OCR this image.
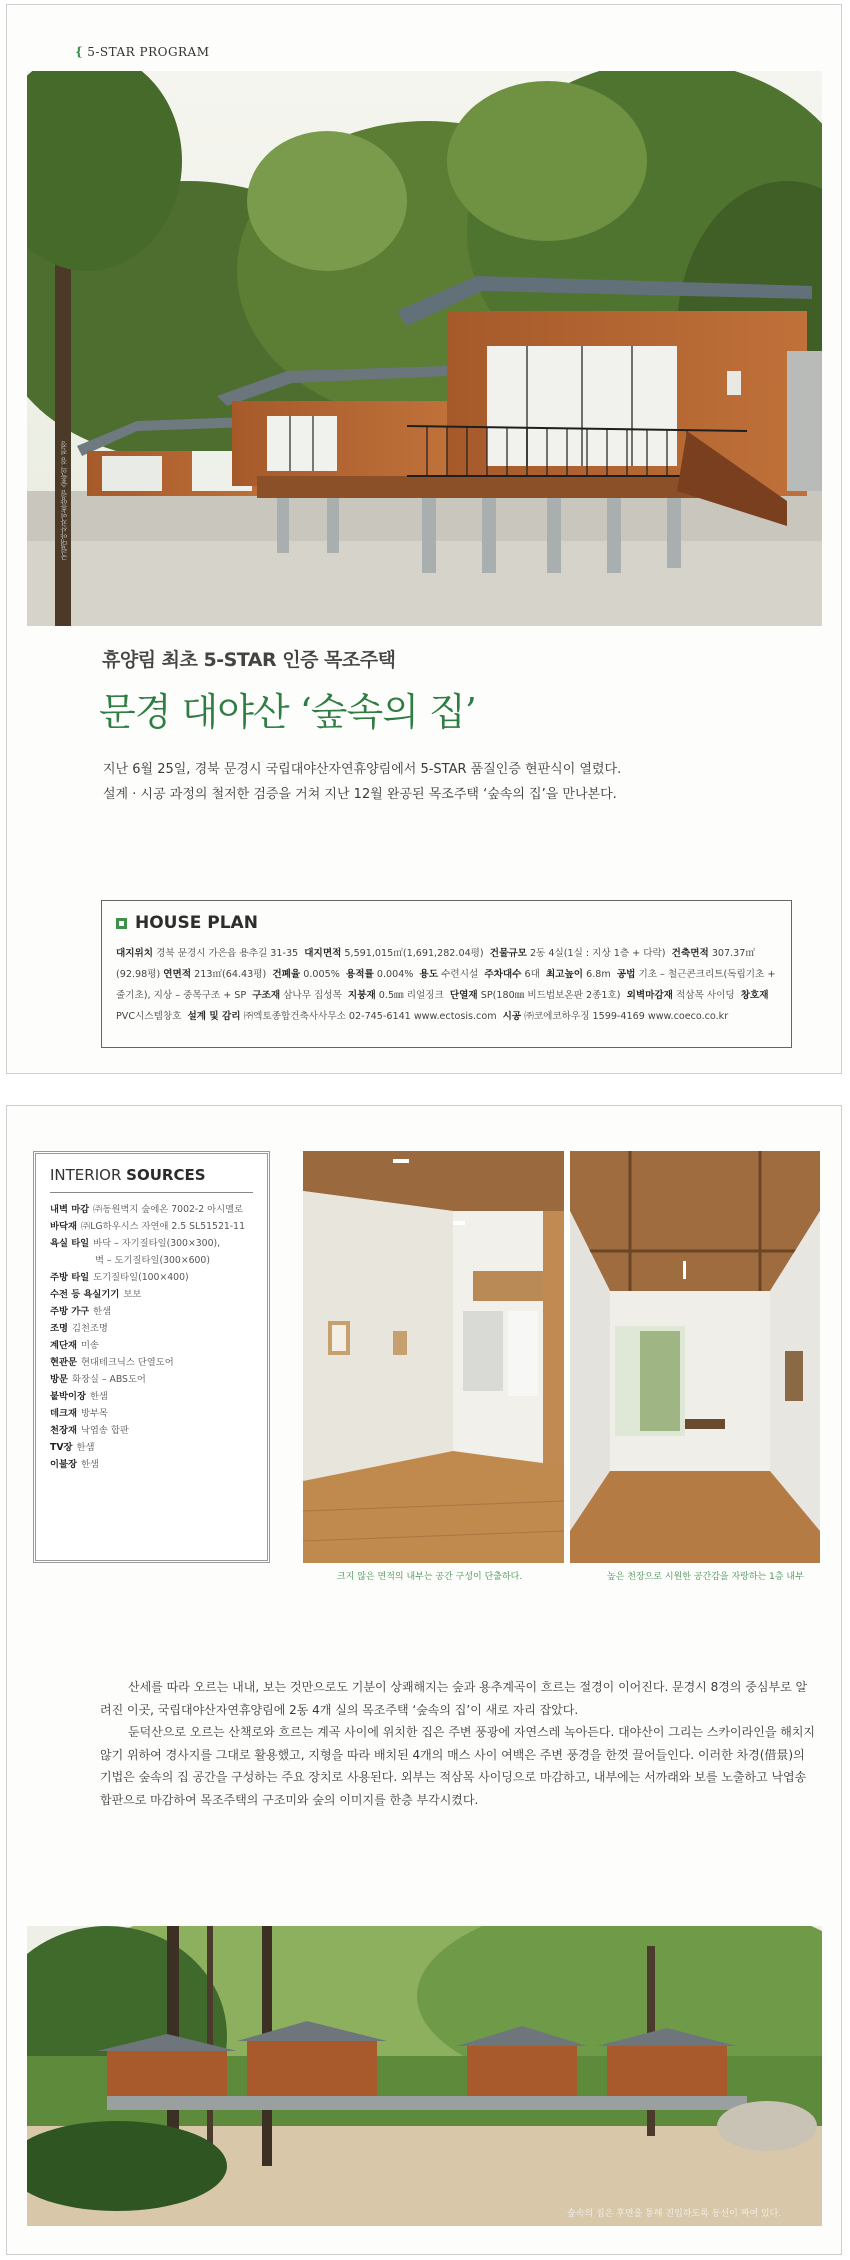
{ 5-STAR PROGRAM
국립대야산자연휴양림 숲속의 집 전경
휴양림 최초 5-STAR 인증 목조주택
문경 대야산 ‘숲속의 집’

지난 6월 25일, 경북 문경시 국립대야산자연휴양림에서 5-STAR 품질인증 현판식이 열렸다.

설계 · 시공 과정의 철저한 검증을 거쳐 지난 12월 완공된 목조주택 ‘숲속의 집’을 만나본다.

HOUSE PLAN
대지위치 경북 문경시 가은읍 용추길 31-35 대지면적 5,591,015㎡(1,691,282.04평) 건물규모 2동 4실(1실 : 지상 1층 + 다락) 건축면적 307.37㎡(92.98평) 연면적 213㎡(64.43평) 건폐율 0.005% 용적률 0.004% 용도 수련시설 주차대수 6대 최고높이 6.8m 공법 기초 – 철근콘크리트(독립기초 + 줄기초), 지상 – 중목구조 + SP 구조재 삼나무 집성목 지붕재 0.5㎜ 리얼징크 단열재 SP(180㎜ 비드법보온판 2종1호) 외벽마감재 적삼목 사이딩 창호재 PVC시스템창호 설계 및 감리 ㈜엑토종합건축사사무소 02-745-6141 www.ectosis.com 시공 ㈜코에코하우징 1599-4169 www.coeco.co.kr
INTERIOR SOURCES
내벽 마감 ㈜동원벽지 숲에온 7002-2 아시멜로
바닥재 ㈜LG하우시스 자연애 2.5 SL51521-11
욕실 타일 바닥 – 자기질타일(300×300),
벽 – 도기질타일(300×600)
주방 타일 도기질타일(100×400)
수전 등 욕실기기 보보
주방 가구 한샘
조명 김천조명
계단재 미송
현관문 현대테크닉스 단열도어
방문 화장실 – ABS도어
붙박이장 한샘
데크재 방부목
천장재 낙엽송 합판
TV장 한샘
이불장 한샘
크지 않은 면적의 내부는 공간 구성이 단출하다.	높은 천장으로 시원한 공간감을 자랑하는 1층 내부

산세를 따라 오르는 내내, 보는 것만으로도 기분이 상쾌해지는 숲과 용추계곡이 흐르는 절경이 이어진다. 문경시 8경의 중심부로 알려진 이곳, 국립대야산자연휴양림에 2동 4개 실의 목조주택 ‘숲속의 집’이 새로 자리 잡았다.

둔덕산으로 오르는 산책로와 흐르는 계곡 사이에 위치한 집은 주변 풍광에 자연스레 녹아든다. 대야산이 그리는 스카이라인을 해치지 않기 위하여 경사지를 그대로 활용했고, 지형을 따라 배치된 4개의 매스 사이 여백은 주변 풍경을 한껏 끌어들인다. 이러한 차경(借景)의 기법은 숲속의 집 공간을 구성하는 주요 장치로 사용된다. 외부는 적삼목 사이딩으로 마감하고, 내부에는 서까래와 보를 노출하고 낙엽송 합판으로 마감하여 목조주택의 구조미와 숲의 이미지를 한층 부각시켰다.

숲속의 집은 후면을 통해 진입하도록 동선이 짜여 있다.
